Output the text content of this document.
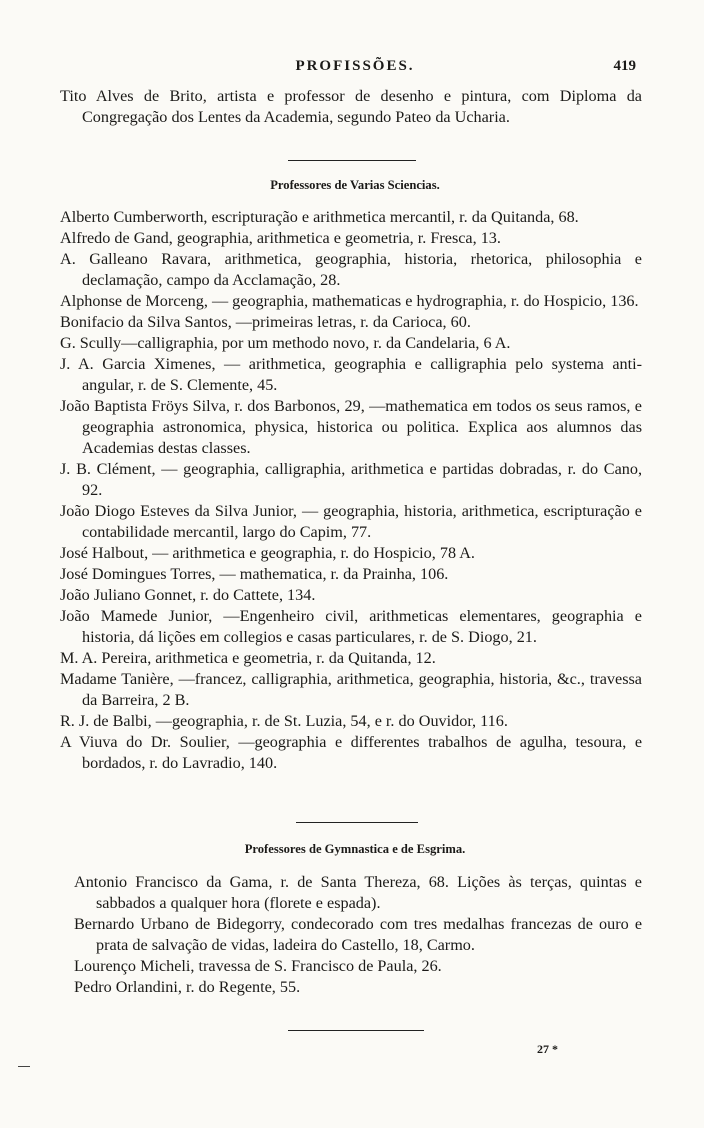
PROFISSÕES.	419

Tito Alves de Brito, artista e professor de desenho e pintura, com Diploma da Congregação dos Lentes da Academia, segundo Pateo da Ucharia.

Professores de Varias Sciencias.

Alberto Cumberworth, escripturação e arithmetica mercantil, r. da Quitanda, 68.

Alfredo de Gand, geographia, arithmetica e geometria, r. Fresca, 13.

A. Galleano Ravara, arithmetica, geographia, historia, rhetorica, philosophia e declamação, campo da Acclamação, 28.

Alphonse de Morceng, — geographia, mathematicas e hydrographia, r. do Hospicio, 136.

Bonifacio da Silva Santos, —primeiras letras, r. da Carioca, 60.

G. Scully—calligraphia, por um methodo novo, r. da Candelaria, 6 A.

J. A. Garcia Ximenes, — arithmetica, geographia e calligraphia pelo systema anti-angular, r. de S. Clemente, 45.

João Baptista Fröys Silva, r. dos Barbonos, 29, —mathematica em todos os seus ramos, e geographia astronomica, physica, historica ou politica. Explica aos alumnos das Academias destas classes.

J. B. Clément, — geographia, calligraphia, arithmetica e partidas dobradas, r. do Cano, 92.

João Diogo Esteves da Silva Junior, — geographia, historia, arithmetica, escripturação e contabilidade mercantil, largo do Capim, 77.

José Halbout, — arithmetica e geographia, r. do Hospicio, 78 A.

José Domingues Torres, — mathematica, r. da Prainha, 106.

João Juliano Gonnet, r. do Cattete, 134.

João Mamede Junior, —Engenheiro civil, arithmeticas elementares, geographia e historia, dá lições em collegios e casas particulares, r. de S. Diogo, 21.

M. A. Pereira, arithmetica e geometria, r. da Quitanda, 12.

Madame Tanière, —francez, calligraphia, arithmetica, geographia, historia, &c., travessa da Barreira, 2 B.

R. J. de Balbi, —geographia, r. de St. Luzia, 54, e r. do Ouvidor, 116.

A Viuva do Dr. Soulier, —geographia e differentes trabalhos de agulha, tesoura, e bordados, r. do Lavradio, 140.

Professores de Gymnastica e de Esgrima.

Antonio Francisco da Gama, r. de Santa Thereza, 68. Lições às terças, quintas e sabbados a qualquer hora (florete e espada).

Bernardo Urbano de Bidegorry, condecorado com tres medalhas francezas de ouro e prata de salvação de vidas, ladeira do Castello, 18, Carmo.

Lourenço Micheli, travessa de S. Francisco de Paula, 26.

Pedro Orlandini, r. do Regente, 55.

27 *
